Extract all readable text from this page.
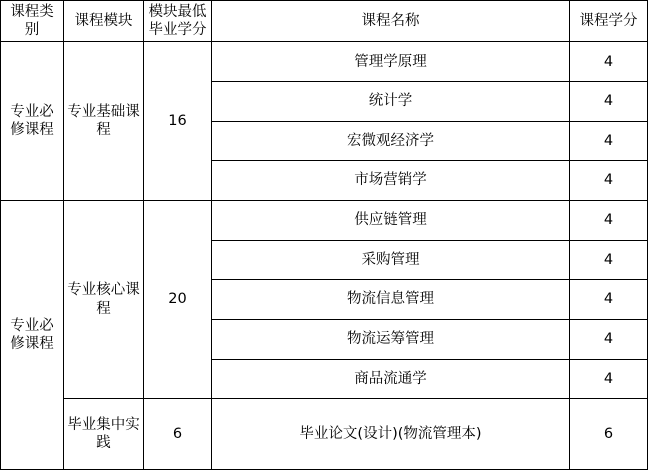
课程类别	课程模块	模块最低毕业学分	课程名称	课程学分
专业必修课程	专业基础课程	16	管理学原理	4
			统计学	4
			宏微观经济学	4
			市场营销学	4
专业必修课程	专业核心课程	20	供应链管理	4
			采购管理	4
			物流信息管理	4
			物流运筹管理	4
			商品流通学	4
	毕业集中实践	6	毕业论文(设计)(物流管理本)	6
